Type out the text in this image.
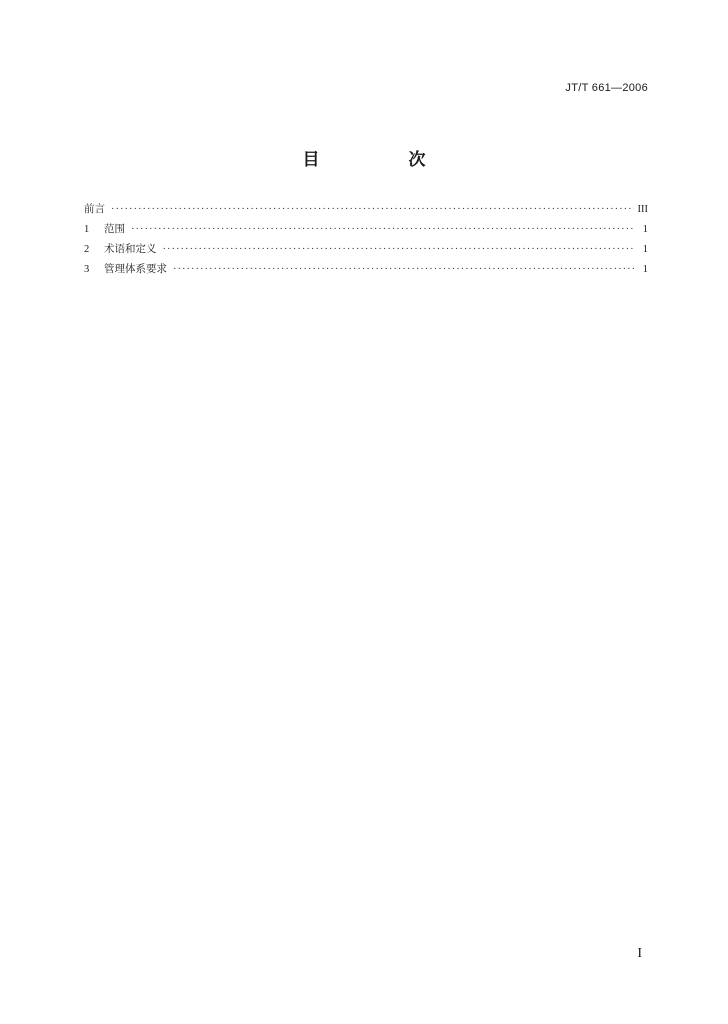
JT/T 661—2006
目　次
前言 ·····	III
1	范围 ·····	1
2	术语和定义 ·····	1
3	管理体系要求 ·····	1
I
